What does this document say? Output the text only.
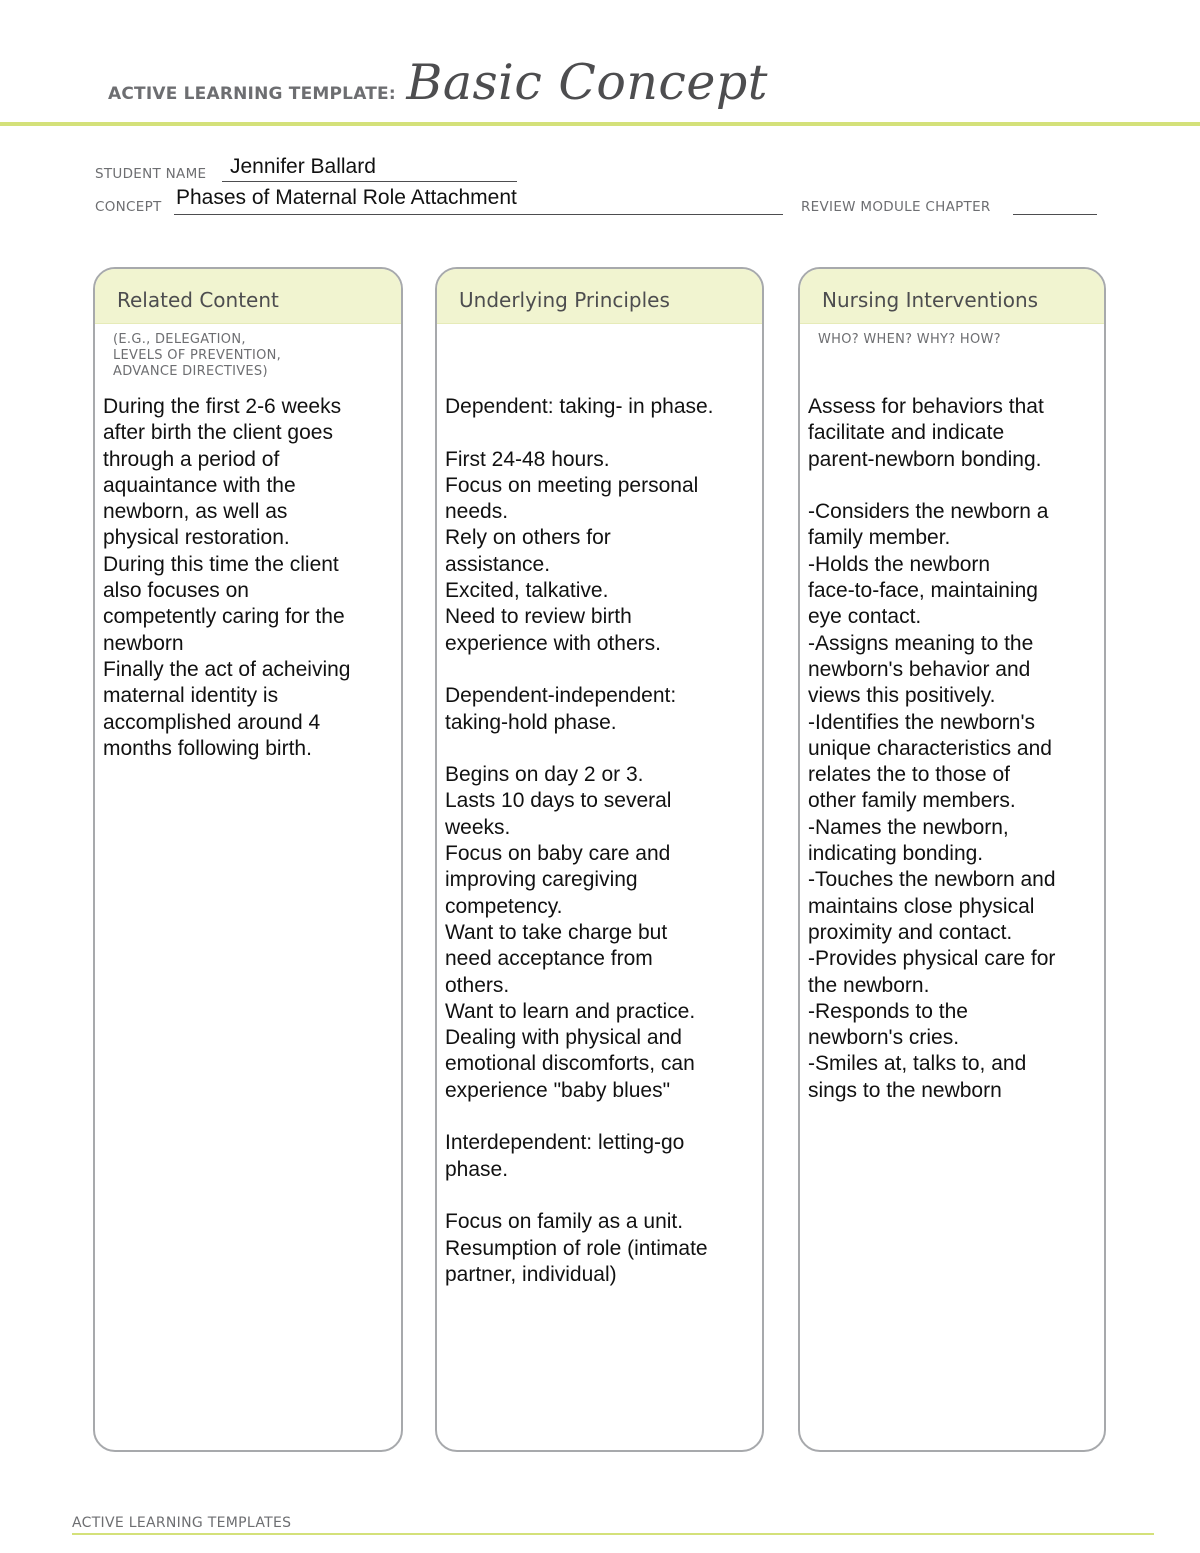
ACTIVE LEARNING TEMPLATE: Basic Concept
STUDENT NAME Jennifer Ballard
CONCEPT Phases of Maternal Role Attachment	REVIEW MODULE CHAPTER
Related Content
(E.G., DELEGATION,
LEVELS OF PREVENTION,
ADVANCE DIRECTIVES)
During the first 2-6 weeks
after birth the client goes
through a period of
aquaintance with the
newborn, as well as
physical restoration.
During this time the client
also focuses on
competently caring for the
newborn
Finally the act of acheiving
maternal identity is
accomplished around 4
months following birth.
Underlying Principles
Dependent: taking- in phase.
First 24-48 hours.
Focus on meeting personal
needs.
Rely on others for
assistance.
Excited, talkative.
Need to review birth
experience with others.
Dependent-independent:
taking-hold phase.
Begins on day 2 or 3.
Lasts 10 days to several
weeks.
Focus on baby care and
improving caregiving
competency.
Want to take charge but
need acceptance from
others.
Want to learn and practice.
Dealing with physical and
emotional discomforts, can
experience "baby blues"
Interdependent: letting-go
phase.
Focus on family as a unit.
Resumption of role (intimate
partner, individual)
Nursing Interventions
WHO? WHEN? WHY? HOW?
Assess for behaviors that
facilitate and indicate
parent-newborn bonding.
-Considers the newborn a
family member.
-Holds the newborn
face-to-face, maintaining
eye contact.
-Assigns meaning to the
newborn's behavior and
views this positively.
-Identifies the newborn's
unique characteristics and
relates the to those of
other family members.
-Names the newborn,
indicating bonding.
-Touches the newborn and
maintains close physical
proximity and contact.
-Provides physical care for
the newborn.
-Responds to the
newborn's cries.
-Smiles at, talks to, and
sings to the newborn
ACTIVE LEARNING TEMPLATES
